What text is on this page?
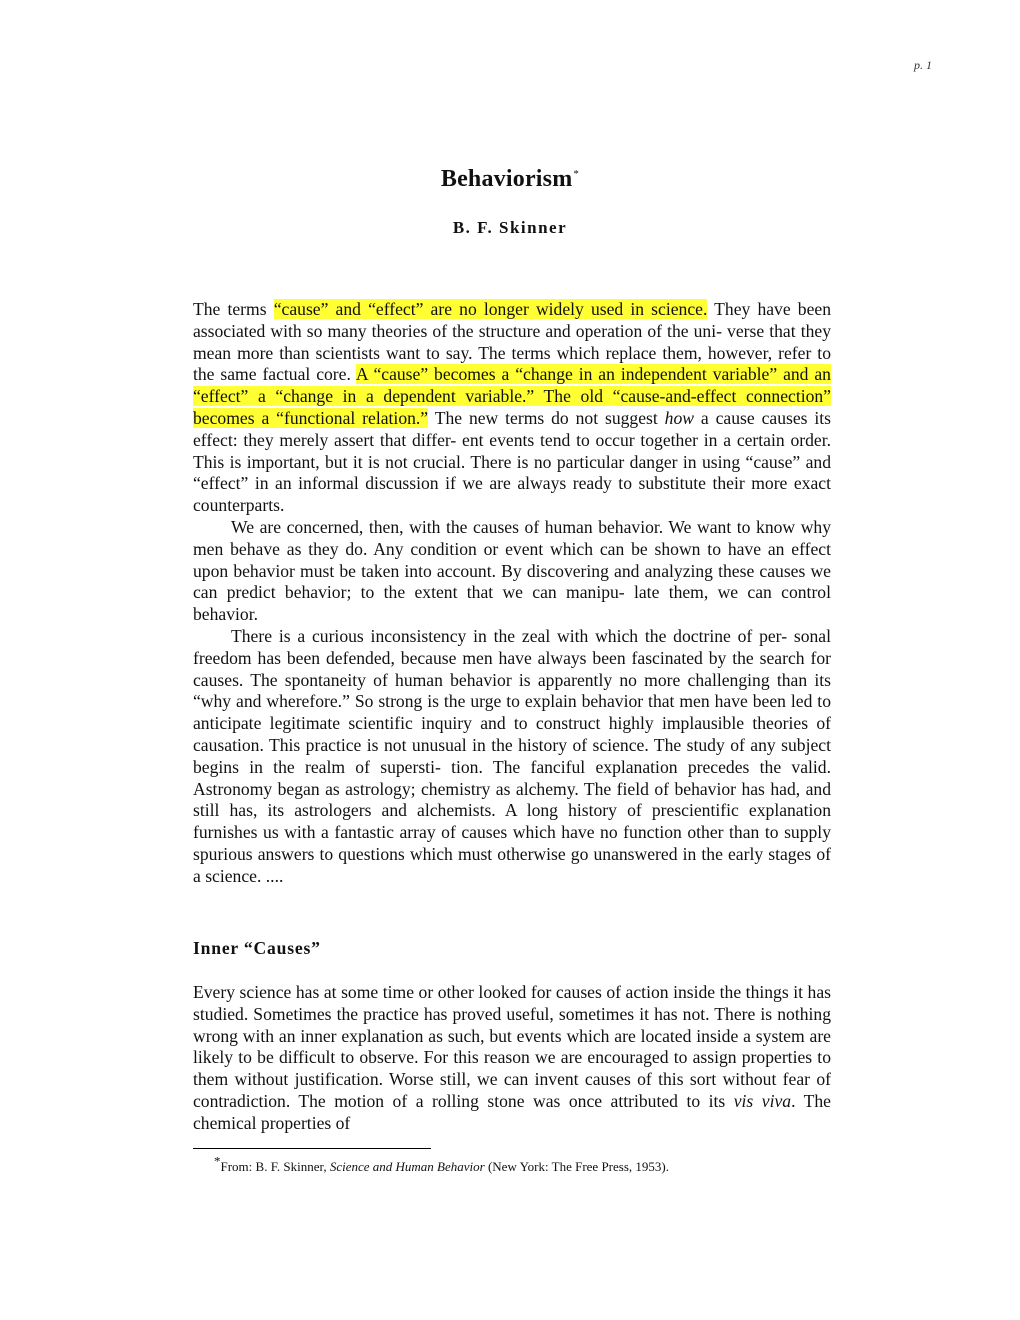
p. 1
Behaviorism*
B. F. Skinner

The terms “cause” and “effect” are no longer widely used in science. They have been associated with so many theories of the structure and operation of the uni- verse that they mean more than scientists want to say. The terms which replace them, however, refer to the same factual core. A “cause” becomes a “change in an independent variable” and an “effect” a “change in a dependent variable.” The old “cause-and-effect connection” becomes a “functional relation.” The new terms do not suggest how a cause causes its effect: they merely assert that differ- ent events tend to occur together in a certain order. This is important, but it is not crucial. There is no particular danger in using “cause” and “effect” in an informal discussion if we are always ready to substitute their more exact counterparts.

We are concerned, then, with the causes of human behavior. We want to know why men behave as they do. Any condition or event which can be shown to have an effect upon behavior must be taken into account. By discovering and analyzing these causes we can predict behavior; to the extent that we can manipu- late them, we can control behavior.

There is a curious inconsistency in the zeal with which the doctrine of per- sonal freedom has been defended, because men have always been fascinated by the search for causes. The spontaneity of human behavior is apparently no more challenging than its “why and wherefore.” So strong is the urge to explain behavior that men have been led to anticipate legitimate scientific inquiry and to construct highly implausible theories of causation. This practice is not unusual in the history of science. The study of any subject begins in the realm of supersti- tion. The fanciful explanation precedes the valid. Astronomy began as astrology; chemistry as alchemy. The field of behavior has had, and still has, its astrologers and alchemists. A long history of prescientific explanation furnishes us with a fantastic array of causes which have no function other than to supply spurious answers to questions which must otherwise go unanswered in the early stages of a science. ....

Inner “Causes”

Every science has at some time or other looked for causes of action inside the things it has studied. Sometimes the practice has proved useful, sometimes it has not. There is nothing wrong with an inner explanation as such, but events which are located inside a system are likely to be difficult to observe. For this reason we are encouraged to assign properties to them without justification. Worse still, we can invent causes of this sort without fear of contradiction. The motion of a rolling stone was once attributed to its vis viva. The chemical properties of

*From: B. F. Skinner, Science and Human Behavior (New York: The Free Press, 1953).
